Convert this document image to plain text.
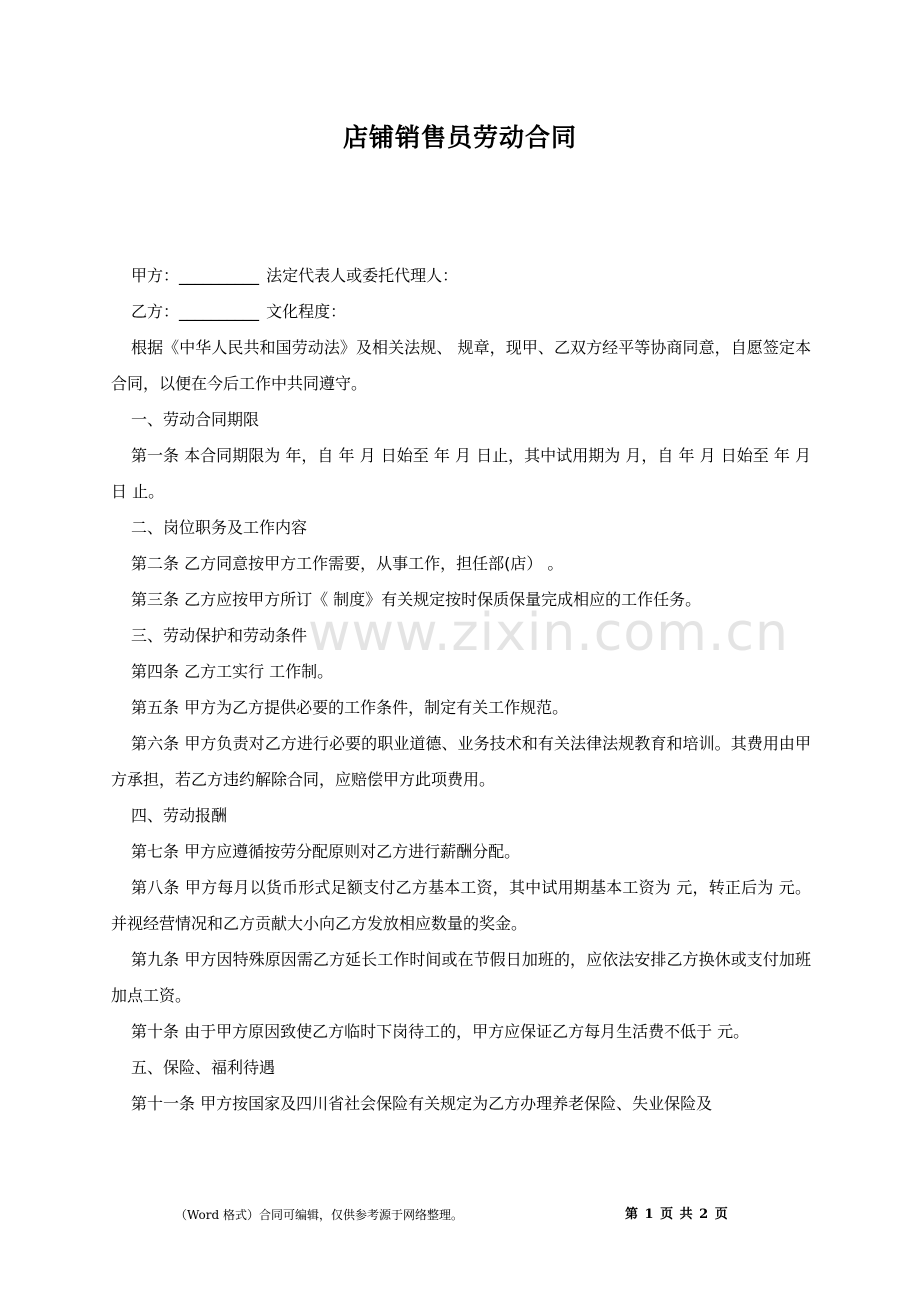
店铺销售员劳动合同

甲方：__________ 法定代表人或委托代理人：

乙方：__________ 文化程度：

根据《中华人民共和国劳动法》及相关法规、 规章，现甲、乙双方经平等协商同意，自愿签定本合同，以便在今后工作中共同遵守。

一、劳动合同期限

第一条 本合同期限为 年，自 年 月 日始至 年 月 日止，其中试用期为 月，自 年 月 日始至 年 月 日 止。

二、岗位职务及工作内容

第二条 乙方同意按甲方工作需要，从事工作，担任部(店） 。

第三条 乙方应按甲方所订《 制度》有关规定按时保质保量完成相应的工作任务。

三、劳动保护和劳动条件

第四条 乙方工实行 工作制。

第五条 甲方为乙方提供必要的工作条件，制定有关工作规范。

第六条 甲方负责对乙方进行必要的职业道德、业务技术和有关法律法规教育和培训。其费用由甲方承担，若乙方违约解除合同，应赔偿甲方此项费用。

四、劳动报酬

第七条 甲方应遵循按劳分配原则对乙方进行薪酬分配。

第八条 甲方每月以货币形式足额支付乙方基本工资，其中试用期基本工资为 元，转正后为 元。并视经营情况和乙方贡献大小向乙方发放相应数量的奖金。

第九条 甲方因特殊原因需乙方延长工作时间或在节假日加班的，应依法安排乙方换休或支付加班加点工资。

第十条 由于甲方原因致使乙方临时下岗待工的，甲方应保证乙方每月生活费不低于 元。

五、保险、福利待遇

第十一条 甲方按国家及四川省社会保险有关规定为乙方办理养老保险、失业保险及

www.zixin.com.cn
（Word 格式）合同可编辑，仅供参考源于网络整理。	第 1 页 共 2 页
